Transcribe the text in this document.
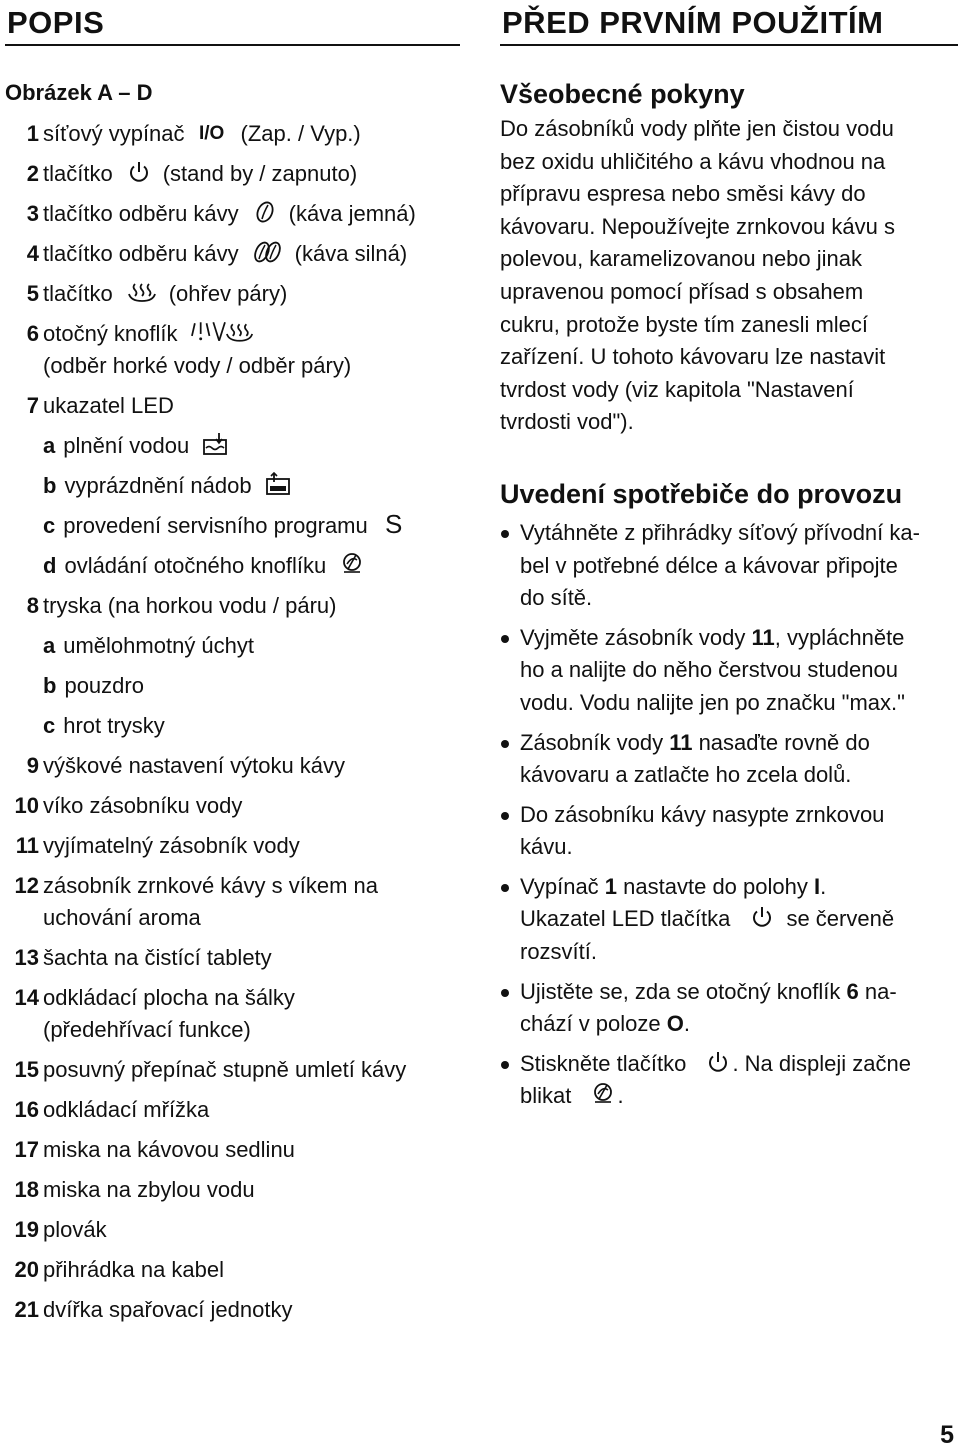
POPIS
Obrázek A – D
1 síťový vypínač I/O (Zap. / Vyp.)
2 tlačítko (stand by / zapnuto)
3 tlačítko odběru kávy (káva jemná)
4 tlačítko odběru kávy	(káva silná)
5 tlačítko	(ohřev páry)
6 otočný knoflík
(odběr horké vody / odběr páry)
7 ukazatel LED
a plnění vodou
b vyprázdnění nádob
c provedení servisního programu S
d ovládání otočného knoflíku
8 tryska (na horkou vodu / páru)
a umělohmotný úchyt
b pouzdro
c hrot trysky
9 výškové nastavení výtoku kávy
10 víko zásobníku vody
11 vyjímatelný zásobník vody
12 zásobník zrnkové kávy s víkem na
uchování aroma
13 šachta na čistící tablety
14 odkládací plocha na šálky
(předehřívací funkce)
15 posuvný přepínač stupně umletí kávy
16 odkládací mřížka
17 miska na kávovou sedlinu
18 miska na zbylou vodu
19 plovák
20 přihrádka na kabel
21 dvířka spařovací jednotky
PŘED PRVNÍM POUŽITÍM
Všeobecné pokyny
Do zásobníků vody plňte jen čistou vodu
bez oxidu uhličitého a kávu vhodnou na
přípravu espresa nebo směsi kávy do
kávovaru. Nepoužívejte zrnkovou kávu s
polevou, karamelizovanou nebo jinak
upravenou pomocí přísad s obsahem
cukru, protože byste tím zanesli mlecí
zařízení. U tohoto kávovaru lze nastavit
tvrdost vody (viz kapitola "Nastavení
tvrdosti vod").
Uvedení spotřebiče do provozu
Vytáhněte z přihrádky síťový přívodní ka-
bel v potřebné délce a kávovar připojte
do sítě.
Vyjměte zásobník vody 11, vypláchněte
ho a nalijte do něho čerstvou studenou
vodu. Vodu nalijte jen po značku "max."
Zásobník vody 11 nasaďte rovně do
kávovaru a zatlačte ho zcela dolů.
Do zásobníku kávy nasypte zrnkovou
kávu.
Vypínač 1 nastavte do polohy I.
Ukazatel LED tlačítka	se červeně
rozsvítí.
Ujistěte se, zda se otočný knoflík 6 na-
chází v poloze O.
Stiskněte tlačítko . Na displeji začne
blikat .
5
